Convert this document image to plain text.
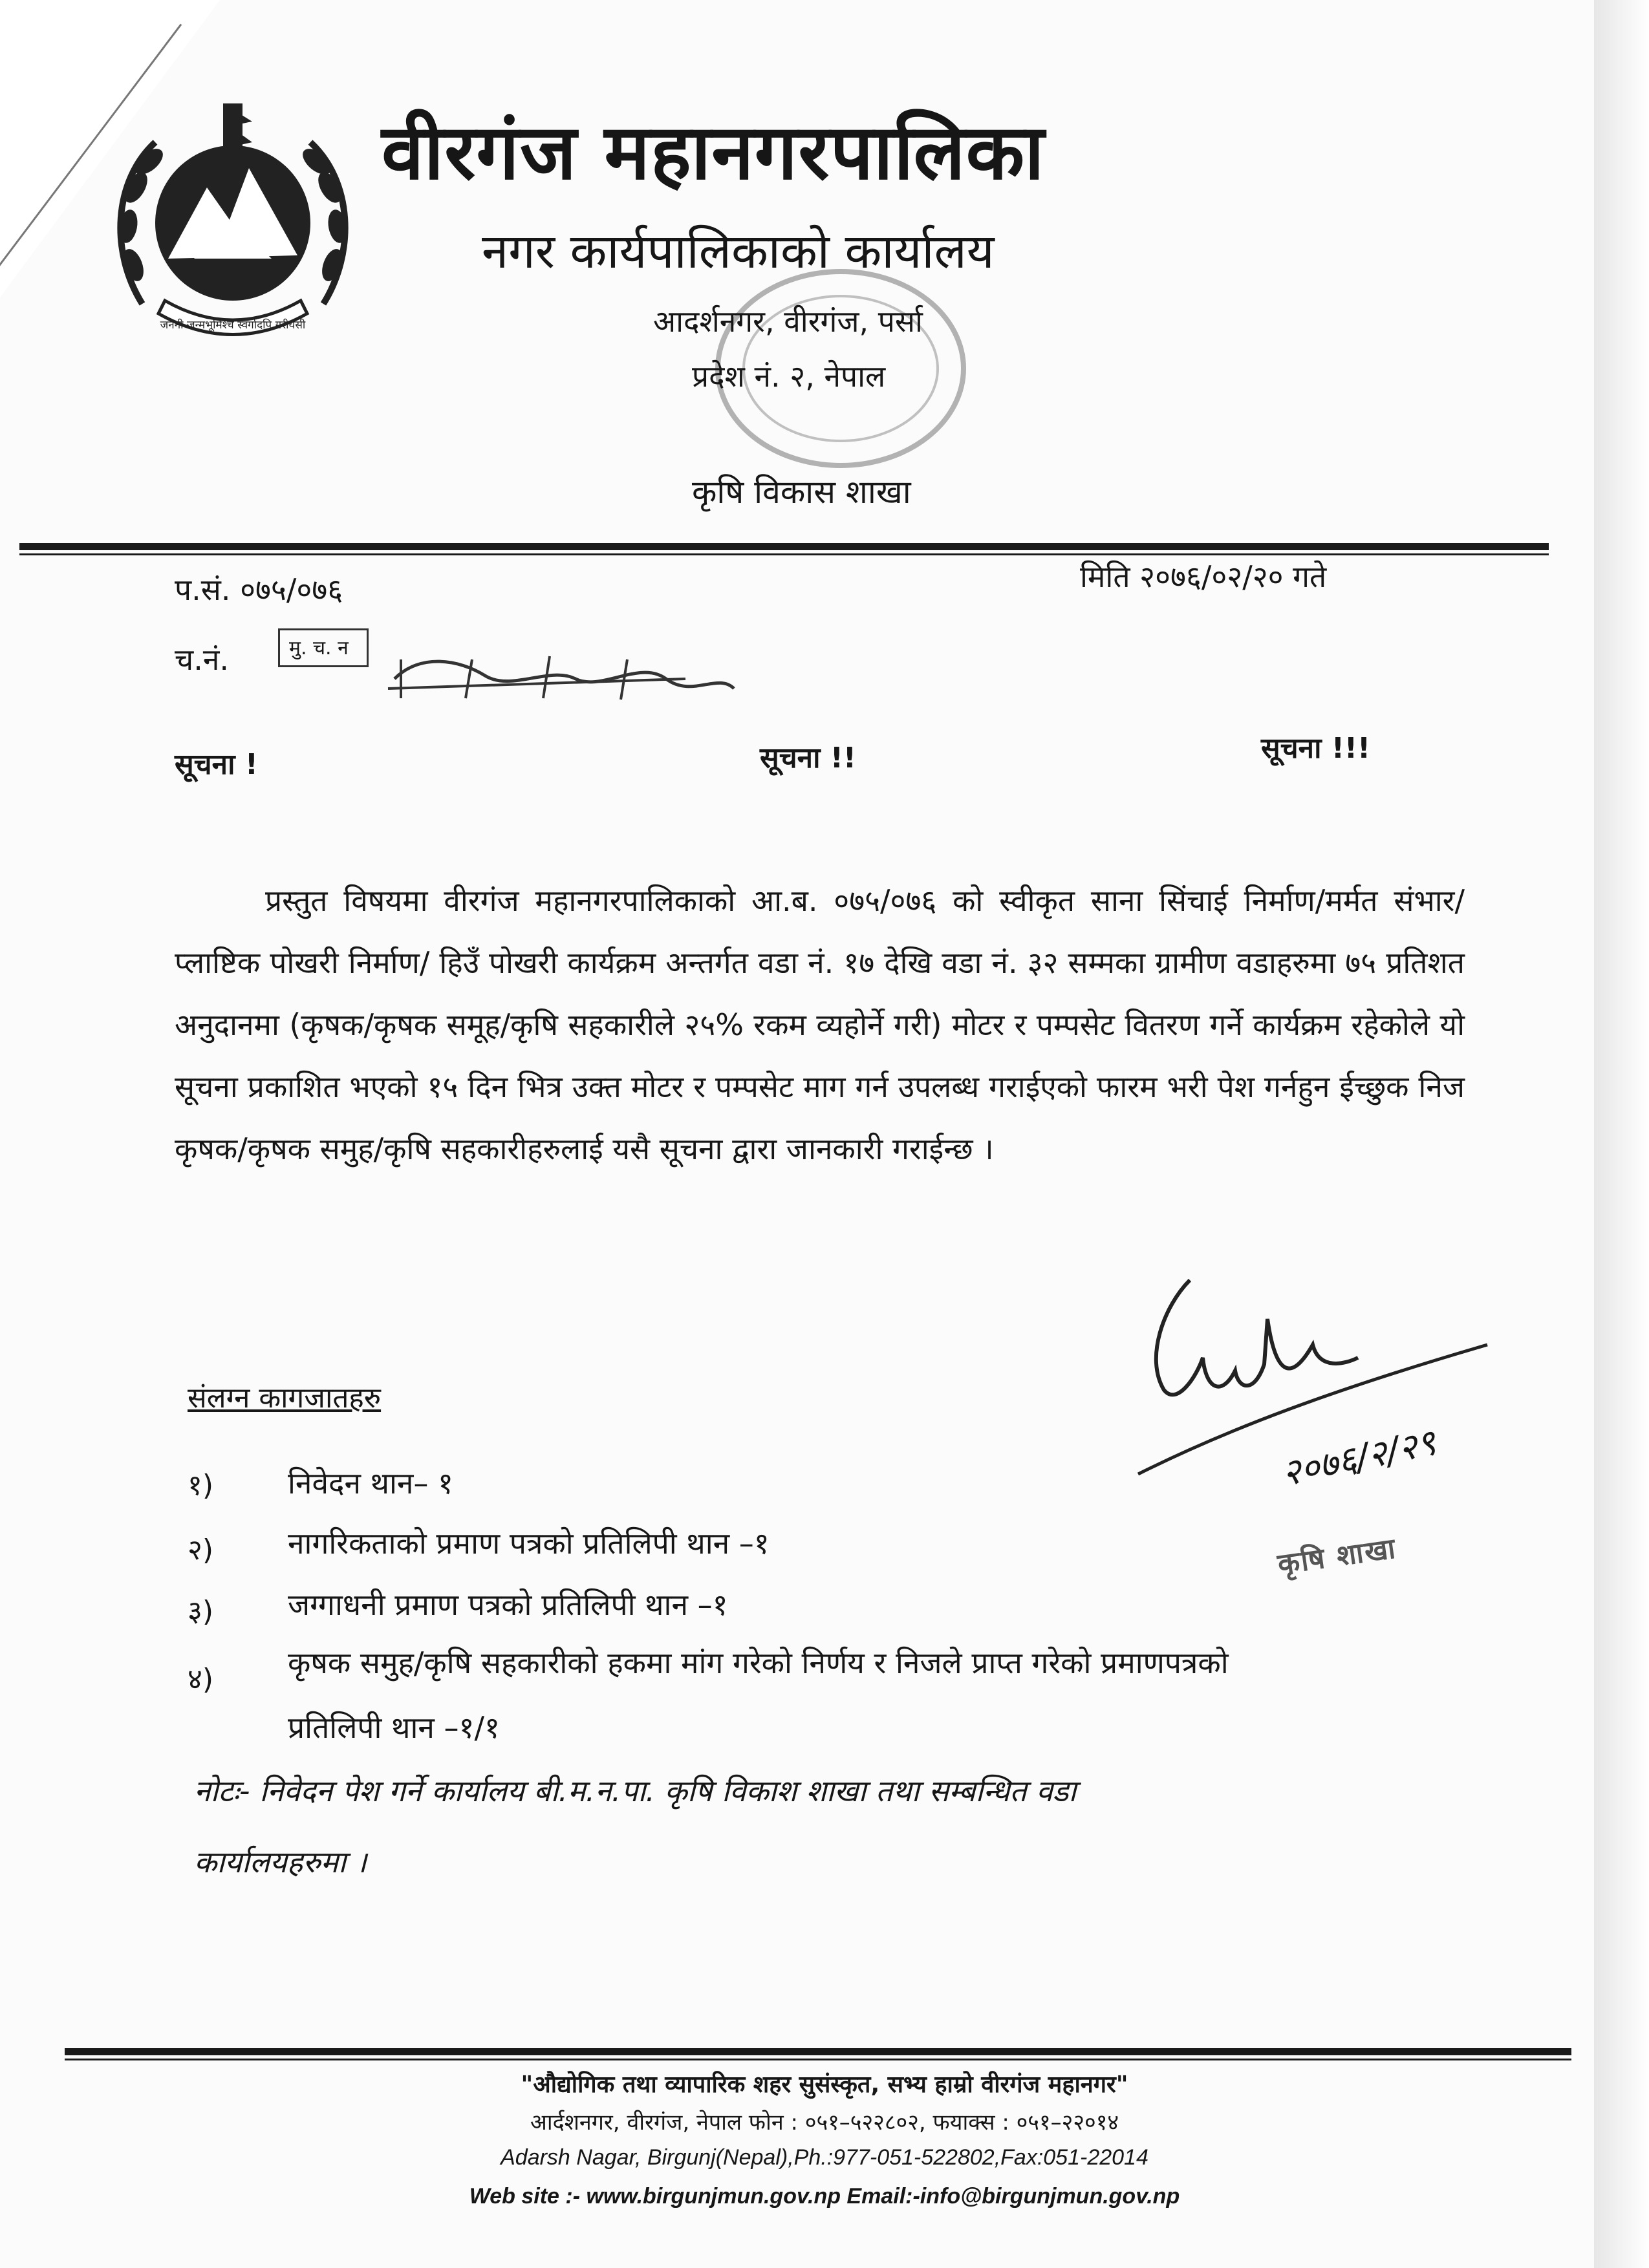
जननी जन्मभूमिश्च स्वर्गादपि गरीयसी
वीरगंज महानगरपालिका
नगर कार्यपालिकाको कार्यालय
आदर्शनगर, वीरगंज, पर्सा
प्रदेश नं. २, नेपाल
कृषि विकास शाखा
प.सं. ०७५/०७६	मिति २०७६/०२/२० गते
च.नं.	मु. च. न
सूचना !	सूचना !!	सूचना !!!
प्रस्तुत विषयमा वीरगंज महानगरपालिकाको आ.ब. ०७५/०७६ को स्वीकृत साना सिंचाई निर्माण/मर्मत संभार/प्लाष्टिक पोखरी निर्माण/ हिउँ पोखरी कार्यक्रम अन्तर्गत वडा नं. १७ देखि वडा नं. ३२ सम्मका ग्रामीण वडाहरुमा ७५ प्रतिशत अनुदानमा (कृषक/कृषक समूह/कृषि सहकारीले २५% रकम व्यहोर्ने गरी) मोटर र पम्पसेट वितरण गर्ने कार्यक्रम रहेकोले यो सूचना प्रकाशित भएको १५ दिन भित्र उक्त मोटर र पम्पसेट माग गर्न उपलब्ध गराईएको फारम भरी पेश गर्नहुन ईच्छुक निज कृषक/कृषक समुह/कृषि सहकारीहरुलाई यसै सूचना द्वारा जानकारी गराईन्छ ।
संलग्न कागजातहरु
१) निवेदन थान– १
२) नागरिकताको प्रमाण पत्रको प्रतिलिपी थान –१
३) जग्गाधनी प्रमाण पत्रको प्रतिलिपी थान –१
४) कृषक समुह/कृषि सहकारीको हकमा मांग गरेको निर्णय र निजले प्राप्त गरेको प्रमाणपत्रको
प्रतिलिपी थान –१/१
नोटः- निवेदन पेश गर्ने कार्यालय बी.म.न.पा. कृषि विकाश शाखा तथा सम्बन्धित वडा
कार्यालयहरुमा ।
२०७६/२/२९
कृषि शाखा
"औद्योगिक तथा व्यापारिक शहर सुसंस्कृत, सभ्य हाम्रो वीरगंज महानगर"
आर्दशनगर, वीरगंज, नेपाल फोन : ०५१–५२२८०२, फयाक्स : ०५१–२२०१४
Adarsh Nagar, Birgunj(Nepal),Ph.:977-051-522802,Fax:051-22014
Web site :- www.birgunjmun.gov.np Email:-info@birgunjmun.gov.np
